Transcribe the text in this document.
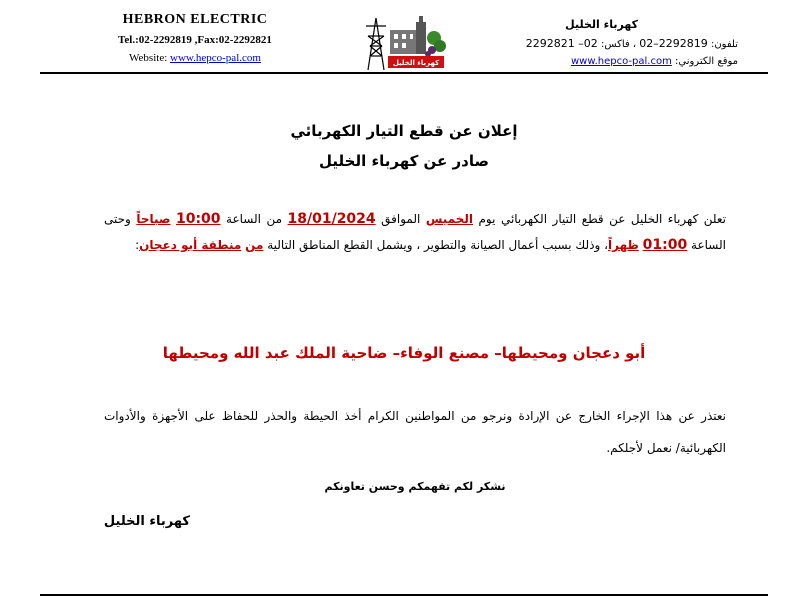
HEBRON ELECTRIC
Tel.:02-2292819 ,Fax:02-2292821
Website: www.hepco-pal.com	كهرباء الخليل
كهرباء الخليل
تلفون: 2292819–02 ، فاكس: 02– 2292821
موقع الكتروني: www.hepco-pal.com
إعلان عن قطع التيار الكهربائي
صادر عن كهرباء الخليل
تعلن كهرباء الخليل عن قطع التيار الكهربائي يوم الخميس الموافق 18/01/2024 من الساعة 10:00 صباحاً وحتى الساعة 01:00 ظهراً، وذلك بسبب أعمال الصيانة والتطوير ، ويشمل القطع المناطق التالية من منطقة أبو دعجان:
أبو دعجان ومحيطها– مصنع الوفاء– ضاحية الملك عبد الله ومحيطها
نعتذر عن هذا الإجراء الخارج عن الإرادة ونرجو من المواطنين الكرام أخذ الحيطة والحذر للحفاظ على الأجهزة والأدوات الكهربائية/ نعمل لأجلكم.
نشكر لكم تفهمكم وحسن تعاونكم
كهرباء الخليل
